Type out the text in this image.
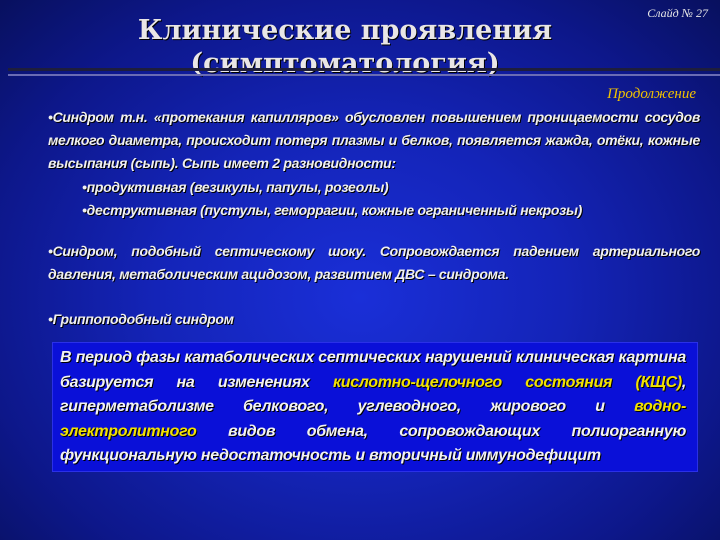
Слайд № 27
Клинические проявления
(симптоматология)
Продолжение
•Синдром т.н. «протекания капилляров» обусловлен повышением проницаемости сосудов мелкого диаметра, происходит потеря плазмы и белков, появляется жажда, отёки, кожные высыпания (сыпь). Сыпь имеет 2 разновидности:
•продуктивная (везикулы, папулы, розеолы)
•деструктивная (пустулы, геморрагии, кожные ограниченный некрозы)
•Синдром, подобный септическому шоку. Сопровождается падением артериального давления, метаболическим ацидозом, развитием ДВС – синдрома.
•Гриппоподобный синдром
В период фазы катаболических септических нарушений клиническая картина базируется на изменениях кислотно-щелочного состояния (КЩС), гиперметаболизме белкового, углеводного, жирового и водно-электролитного видов обмена, сопровождающих полиорганную функциональную недостаточность и вторичный иммунодефицит
